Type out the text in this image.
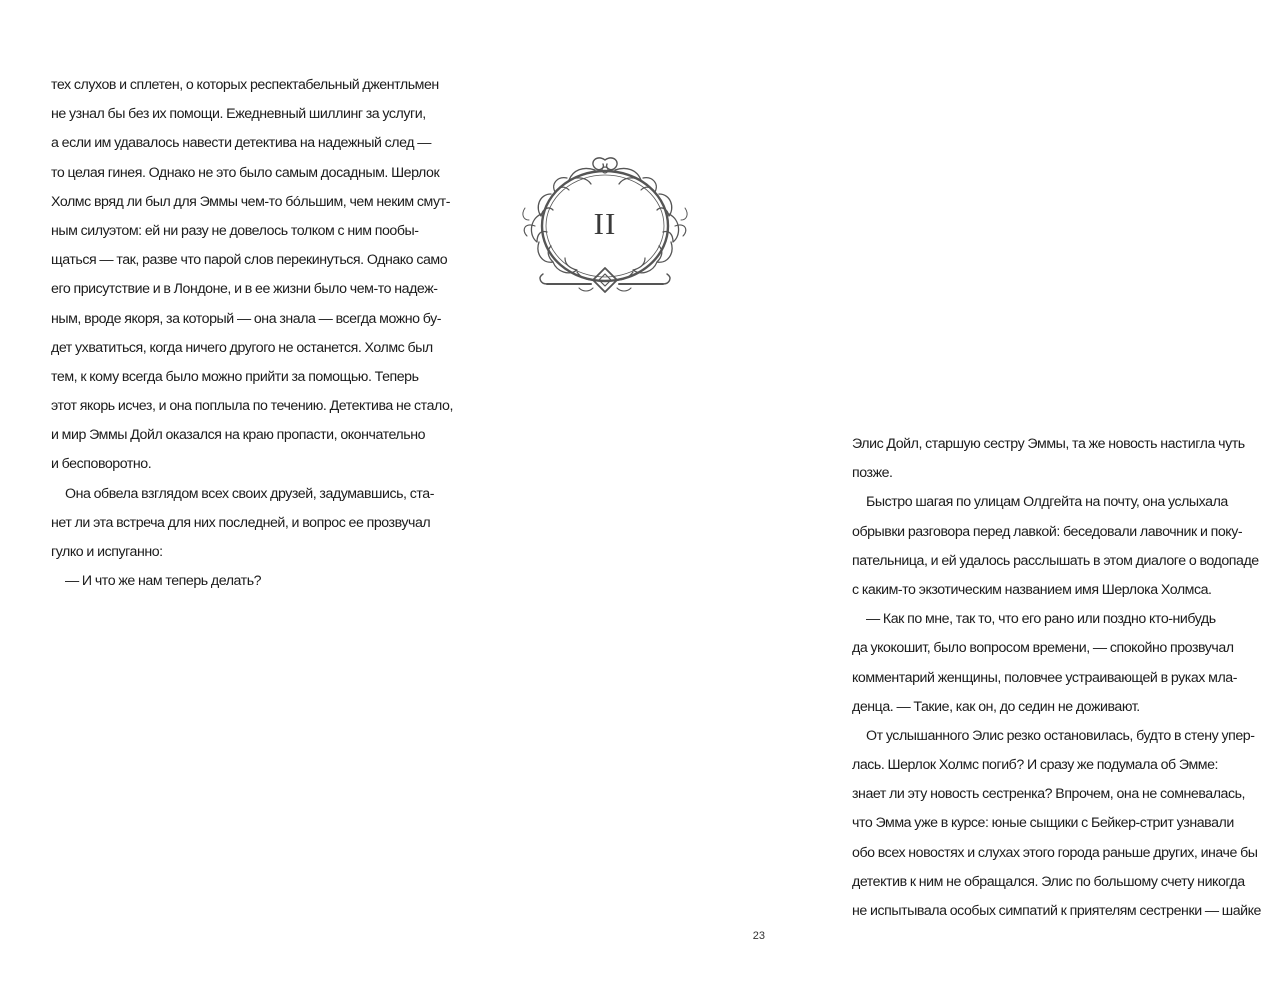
тех слухов и сплетен, о которых респектабельный джентльмен
не узнал бы без их помощи. Ежедневный шиллинг за услуги,
а если им удавалось навести детектива на надежный след —
то целая гинея. Однако не это было самым досадным. Шерлок
Холмс вряд ли был для Эммы чем-то бóльшим, чем неким смут-
ным силуэтом: ей ни разу не довелось толком с ним пообы-
щаться — так, разве что парой слов перекинуться. Однако само
его присутствие и в Лондоне, и в ее жизни было чем-то надеж-
ным, вроде якоря, за который — она знала — всегда можно бу-
дет ухватиться, когда ничего другого не останется. Холмс был
тем, к кому всегда было можно прийти за помощью. Теперь
этот якорь исчез, и она поплыла по течению. Детектива не стало,
и мир Эммы Дойл оказался на краю пропасти, окончательно
и бесповоротно.
Она обвела взглядом всех своих друзей, задумавшись, ста-
нет ли эта встреча для них последней, и вопрос ее прозвучал
гулко и испуганно:
— И что же нам теперь делать?
II
Элис Дойл, старшую сестру Эммы, та же новость настигла чуть
позже.
Быстро шагая по улицам Олдгейта на почту, она услыхала
обрывки разговора перед лавкой: беседовали лавочник и поку-
пательница, и ей удалось расслышать в этом диалоге о водопаде
с каким-то экзотическим названием имя Шерлока Холмса.
— Как по мне, так то, что его рано или поздно кто-нибудь
да укокошит, было вопросом времени, — спокойно прозвучал
комментарий женщины, половчее устраивающей в руках мла-
денца. — Такие, как он, до седин не доживают.
От услышанного Элис резко остановилась, будто в стену упер-
лась. Шерлок Холмс погиб? И сразу же подумала об Эмме:
знает ли эту новость сестренка? Впрочем, она не сомневалась,
что Эмма уже в курсе: юные сыщики с Бейкер-стрит узнавали
обо всех новостях и слухах этого города раньше других, иначе бы
детектив к ним не обращался. Элис по большому счету никогда
не испытывала особых симпатий к приятелям сестренки — шайке
23
